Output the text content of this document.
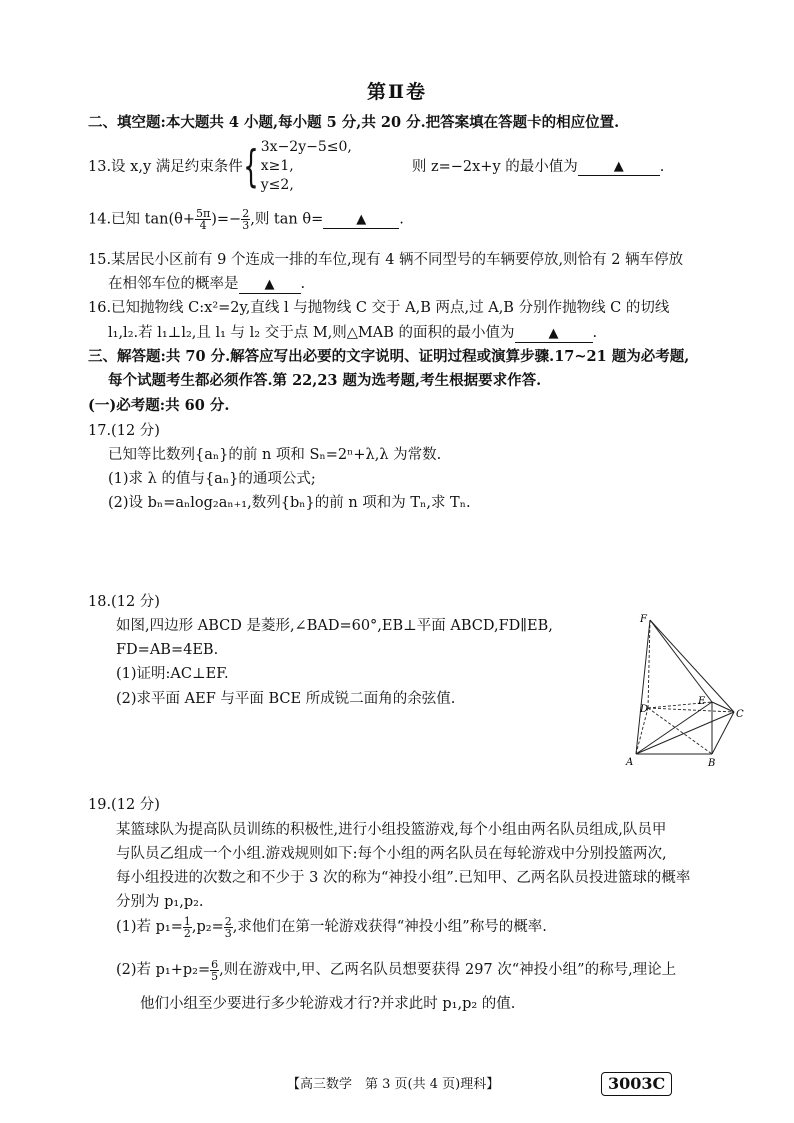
第Ⅱ卷
二、填空题:本大题共 4 小题,每小题 5 分,共 20 分.把答案填在答题卡的相应位置.
13.设 x,y 满足约束条件{ 3x−2y−5≤0,
x≥1,
y≤2,
则 z=−2x+y 的最小值为	▲ .
14.已知 $\tan(\theta+ \frac{5\pi}{4}$ )=− $\frac{2}{3}$ ,则 tan θ=	▲ .
15.某居民小区前有 9 个连成一排的车位,现有 4 辆不同型号的车辆要停放,则恰有 2 辆车停放
在相邻车位的概率是 ▲ .
16.已知抛物线 C:x²=2y,直线 l 与抛物线 C 交于 A,B 两点,过 A,B 分别作抛物线 C 的切线
l₁,l₂.若 l₁⊥l₂,且 l₁ 与 l₂ 交于点 M,则△MAB 的面积的最小值为	▲ .
三、解答题:共 70 分.解答应写出必要的文字说明、证明过程或演算步骤.17~21 题为必考题,
每个试题考生都必须作答.第 22,23 题为选考题,考生根据要求作答.
(一)必考题:共 60 分.
17.(12 分)
已知等比数列{aₙ}的前 n 项和 Sₙ=2ⁿ+λ,λ 为常数.
(1)求 λ 的值与{aₙ}的通项公式;
(2)设 bₙ=aₙlog₂aₙ₊₁,数列{bₙ}的前 n 项和为 Tₙ,求 Tₙ.
18.(12 分)
如图,四边形 ABCD 是菱形,∠BAD=60°,EB⊥平面 ABCD,FD∥EB,
FD=AB=4EB.
(1)证明:AC⊥EF.
(2)求平面 AEF 与平面 BCE 所成锐二面角的余弦值.
F
E
D	C
A	B
19.(12 分)
某篮球队为提高队员训练的积极性,进行小组投篮游戏,每个小组由两名队员组成,队员甲
与队员乙组成一个小组.游戏规则如下:每个小组的两名队员在每轮游戏中分别投篮两次,
每小组投进的次数之和不少于 3 次的称为“神投小组”.已知甲、乙两名队员投进篮球的概率
分别为 p₁,p₂.
(1)若 $p_1= \frac{1}{2} ,p_2= \frac{2}{3}$ ,求他们在第一轮游戏获得“神投小组”称号的概率.
(2)若 $p_1+p_2= \frac{6}{5}$ ,则在游戏中,甲、乙两名队员想要获得 297 次“神投小组”的称号,理论上
他们小组至少要进行多少轮游戏才行?并求此时 p₁,p₂ 的值.
【高三数学　第 3 页(共 4 页)理科】	3003C
